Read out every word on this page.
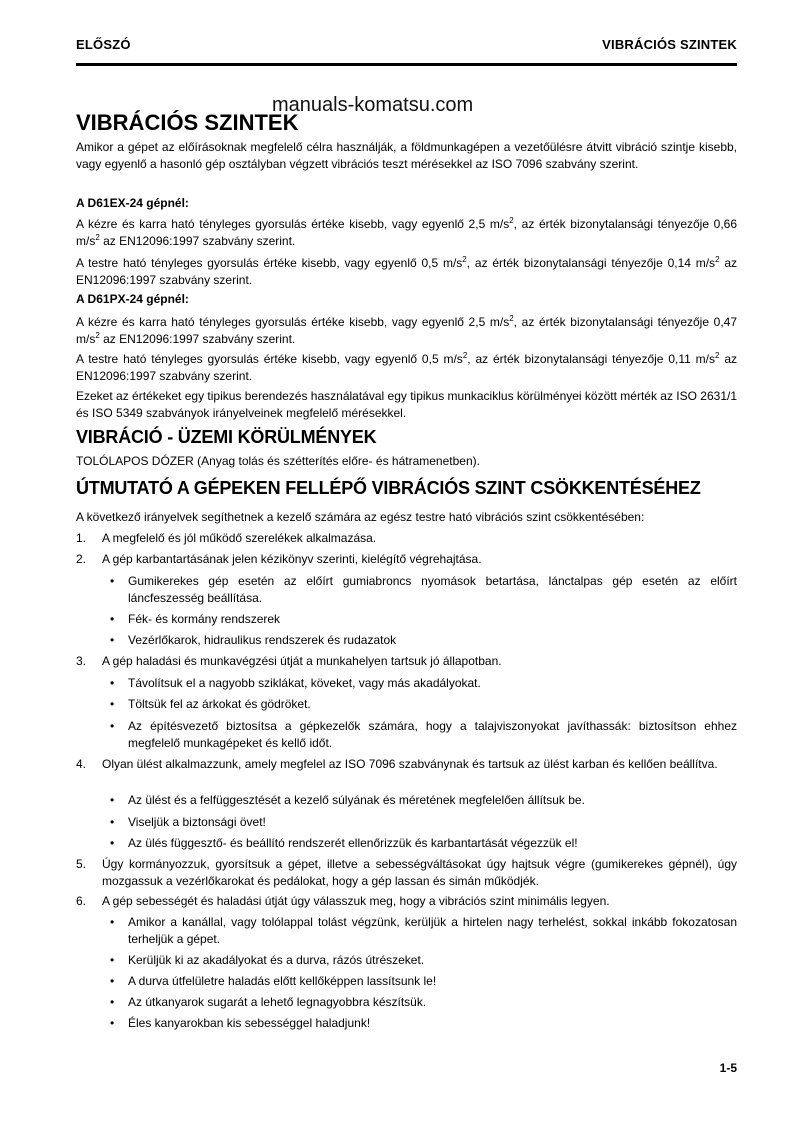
ELŐSZÓ	VIBRÁCIÓS SZINTEK
VIBRÁCIÓS SZINTEK
manuals-komatsu.com
Amikor a gépet az előírásoknak megfelelő célra használják, a földmunkagépen a vezetőülésre átvitt vibráció szintje kisebb, vagy egyenlő a hasonló gép osztályban végzett vibrációs teszt mérésekkel az ISO 7096 szabvány szerint.
A D61EX-24 gépnél:
A kézre és karra ható tényleges gyorsulás értéke kisebb, vagy egyenlő 2,5 $m/s^2$, az érték bizonytalansági tényezője 0,66 $m/s^2$ az EN12096:1997 szabvány szerint.
A testre ható tényleges gyorsulás értéke kisebb, vagy egyenlő 0,5 $m/s^2$, az érték bizonytalansági tényezője 0,14 $m/s^2$ az EN12096:1997 szabvány szerint.
A D61PX-24 gépnél:
A kézre és karra ható tényleges gyorsulás értéke kisebb, vagy egyenlő 2,5 $m/s^2$, az érték bizonytalansági tényezője 0,47 $m/s^2$ az EN12096:1997 szabvány szerint.
A testre ható tényleges gyorsulás értéke kisebb, vagy egyenlő 0,5 $m/s^2$, az érték bizonytalansági tényezője 0,11 $m/s^2$ az EN12096:1997 szabvány szerint.
Ezeket az értékeket egy tipikus berendezés használatával egy tipikus munkaciklus körülményei között mérték az ISO 2631/1 és ISO 5349 szabványok irányelveinek megfelelő mérésekkel.
VIBRÁCIÓ - ÜZEMI KÖRÜLMÉNYEK
TOLÓLAPOS DÓZER (Anyag tolás és szétterítés előre- és hátramenetben).
ÚTMUTATÓ A GÉPEKEN FELLÉPŐ VIBRÁCIÓS SZINT CSÖKKENTÉSÉHEZ
A következő irányelvek segíthetnek a kezelő számára az egész testre ható vibrációs szint csökkentésében:
1. A megfelelő és jól működő szerelékek alkalmazása.
2. A gép karbantartásának jelen kézikönyv szerinti, kielégítő végrehajtása.
• Gumikerekes gép esetén az előírt gumiabroncs nyomások betartása, lánctalpas gép esetén az előírt láncfeszesség beállítása.
• Fék- és kormány rendszerek
• Vezérlőkarok, hidraulikus rendszerek és rudazatok
3. A gép haladási és munkavégzési útját a munkahelyen tartsuk jó állapotban.
• Távolítsuk el a nagyobb sziklákat, köveket, vagy más akadályokat.
• Töltsük fel az árkokat és gödröket.
• Az építésvezető biztosítsa a gépkezelők számára, hogy a talajviszonyokat javíthassák: biztosítson ehhez megfelelő munkagépeket és kellő időt.
4. Olyan ülést alkalmazzunk, amely megfelel az ISO 7096 szabványnak és tartsuk az ülést karban és kellően beállítva.
• Az ülést és a felfüggesztését a kezelő súlyának és méretének megfelelően állítsuk be.
• Viseljük a biztonsági övet!
• Az ülés függesztő- és beállító rendszerét ellenőrizzük és karbantartását végezzük el!
5. Úgy kormányozzuk, gyorsítsuk a gépet, illetve a sebességváltásokat úgy hajtsuk végre (gumikerekes gépnél), úgy mozgassuk a vezérlőkarokat és pedálokat, hogy a gép lassan és simán működjék.
6. A gép sebességét és haladási útját úgy válasszuk meg, hogy a vibrációs szint minimális legyen.
• Amikor a kanállal, vagy tolólappal tolást végzünk, kerüljük a hirtelen nagy terhelést, sokkal inkább fokozatosan terheljük a gépet.
• Kerüljük ki az akadályokat és a durva, rázós útrészeket.
• A durva útfelületre haladás előtt kellőképpen lassítsunk le!
• Az útkanyarok sugarát a lehető legnagyobbra készítsük.
• Éles kanyarokban kis sebességgel haladjunk!
1-5
